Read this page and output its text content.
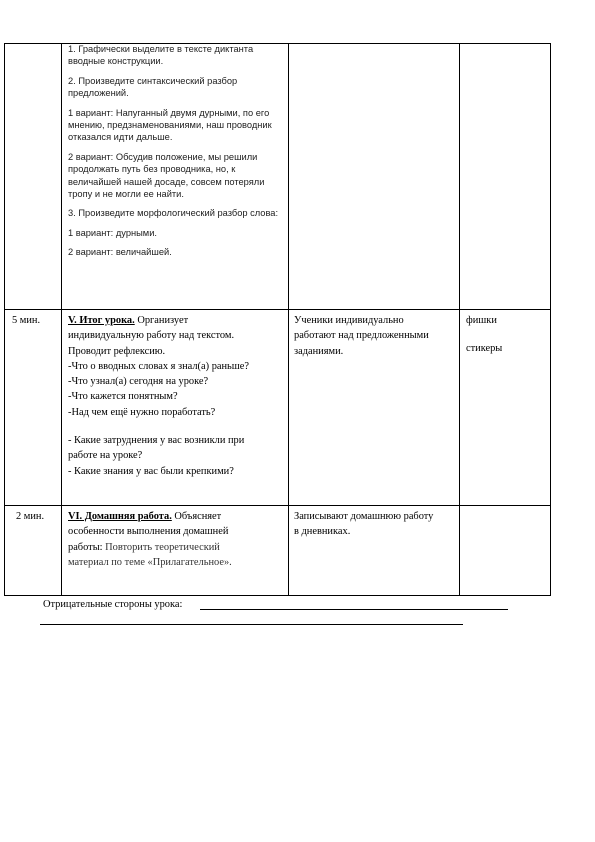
1. Графически выделите в тексте диктанта вводные конструкции.

2. Произведите синтаксический разбор предложений.

1 вариант: Напуганный двумя дурными, по его мнению, предзнаменованиями, наш проводник отказался идти дальше.

2 вариант: Обсудив положение, мы решили продолжать путь без проводника, но, к величайшей нашей досаде, совсем потеряли тропу и не могли ее найти.

3. Произведите морфологический разбор слова:

1 вариант: дурными.

2 вариант: величайшей.

5 мин.	V. Итог урока. Организует
индивидуальную работу над текстом.
Проводит рефлексию.
-Что о вводных словах я знал(а) раньше?
-Что узнал(а) сегодня на уроке?
-Что кажется понятным?
-Над чем ещё нужно поработать?
- Какие затруднения у вас возникли при
работе на уроке?
- Какие знания у вас были крепкими?
Ученики индивидуально
работают над предложенными
заданиями.
фишки
стикеры
2 мин.	VI. Домашняя работа. Объясняет
особенности выполнения домашней
работы: Повторить теоретический
материал по теме «Прилагательное».
Записывают домашнюю работу
в дневниках.
Отрицательные стороны урока:
